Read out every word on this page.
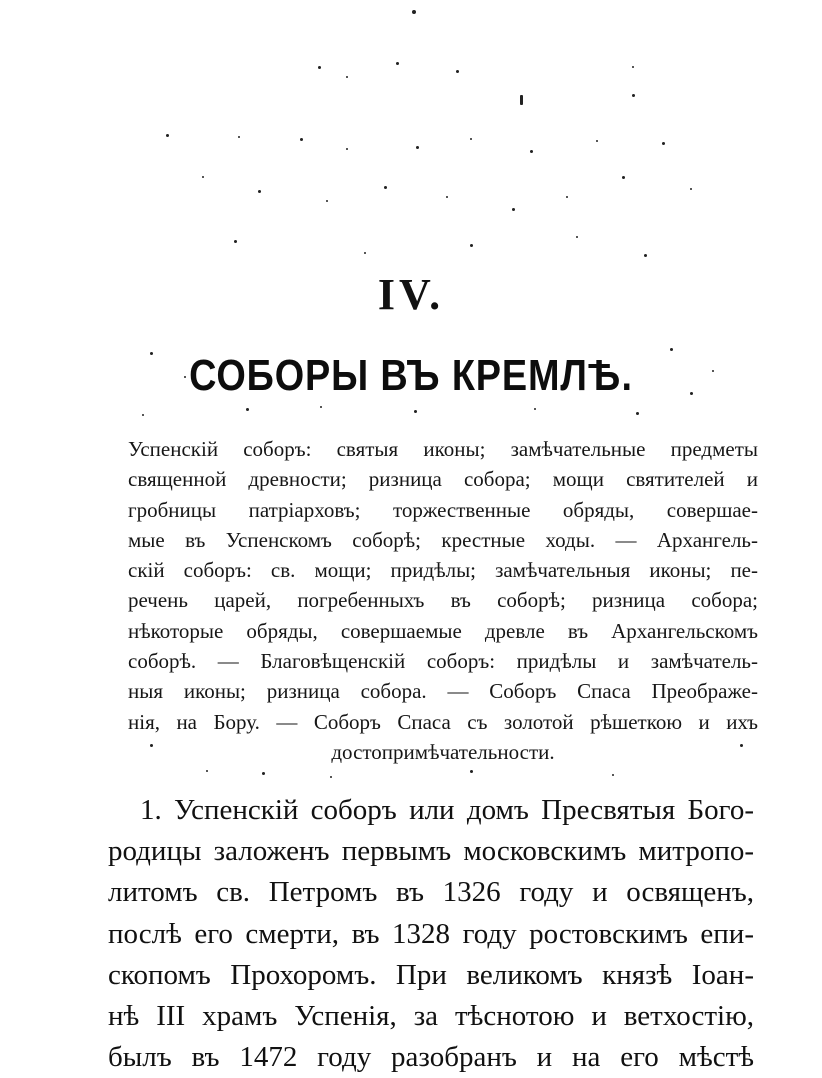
IV.
СОБОРЫ ВЪ КРЕМЛѢ.
Успенскій соборъ: святыя иконы; замѣчательные предметы
священной древности; ризница собора; мощи святителей и
гробницы патріарховъ; торжественные обряды, совершае-
мые въ Успенскомъ соборѣ; крестные ходы. — Архангель-
скій соборъ: св. мощи; придѣлы; замѣчательныя иконы; пе-
речень царей, погребенныхъ въ соборѣ; ризница собора;
нѣкоторые обряды, совершаемые древле въ Архангельскомъ
соборѣ. — Благовѣщенскій соборъ: придѣлы и замѣчатель-
ныя иконы; ризница собора. — Соборъ Спаса Преображе-
нія, на Бору. — Соборъ Спаса съ золотой рѣшеткою и ихъ
достопримѣчательности.
1. Успенскій соборъ или домъ Пресвятыя Бого-
родицы заложенъ первымъ московскимъ митропо-
литомъ св. Петромъ въ 1326 году и освященъ,
послѣ его смерти, въ 1328 году ростовскимъ епи-
скопомъ Прохоромъ. При великомъ князѣ Іоан-
нѣ III храмъ Успенія, за тѣснотою и ветхостію,
былъ въ 1472 году разобранъ и на его мѣстѣ
